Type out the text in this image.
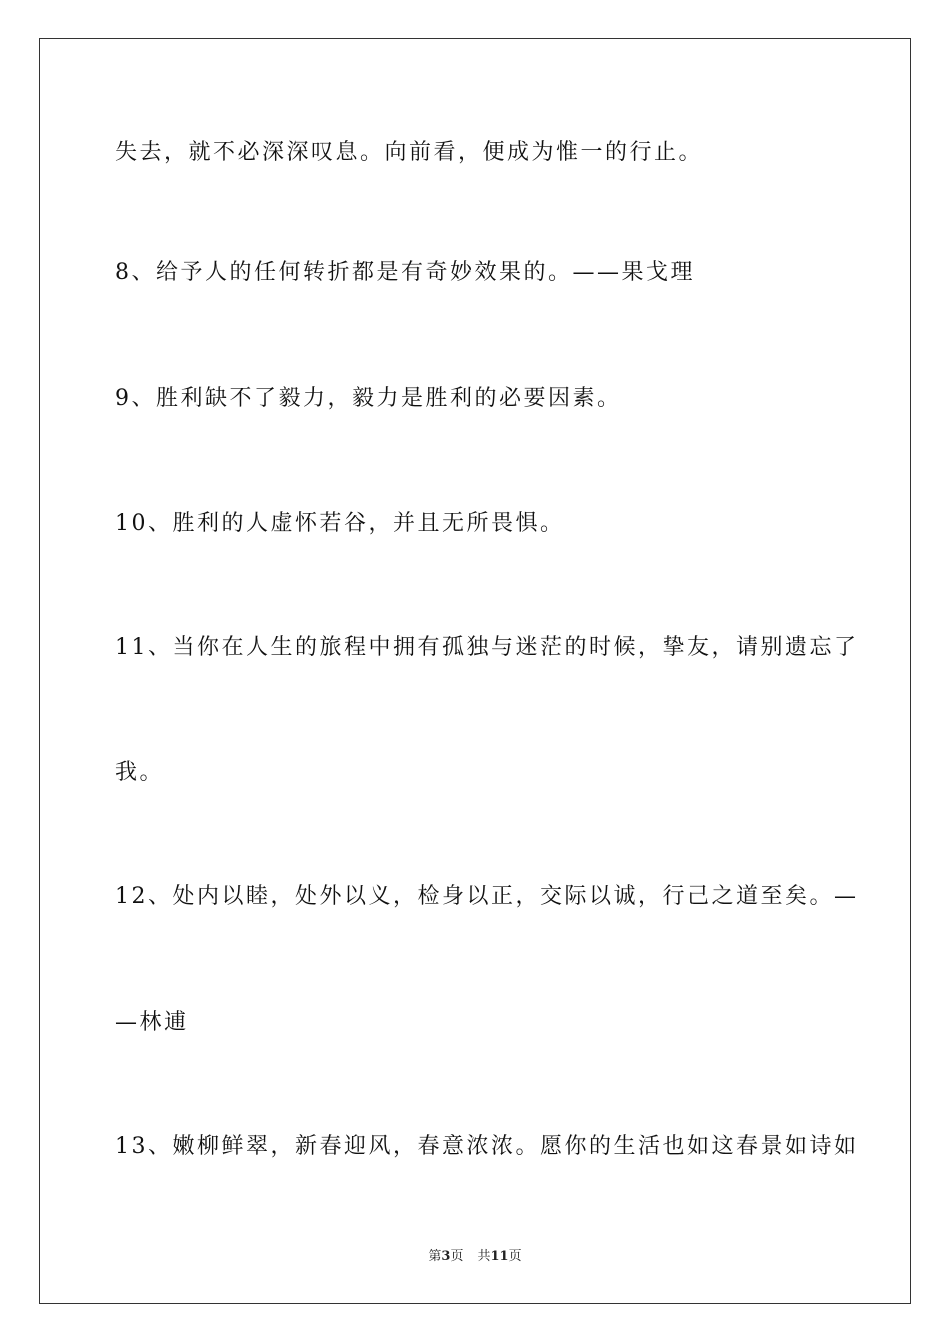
失去，就不必深深叹息。向前看，便成为惟一的行止。

8、给予人的任何转折都是有奇妙效果的。——果戈理

9、胜利缺不了毅力，毅力是胜利的必要因素。

10、胜利的人虚怀若谷，并且无所畏惧。

11、当你在人生的旅程中拥有孤独与迷茫的时候，挚友，请别遗忘了

我。

12、处内以睦，处外以义，检身以正，交际以诚，行己之道至矣。—

—林逋

13、嫩柳鲜翠，新春迎风，春意浓浓。愿你的生活也如这春景如诗如

第3页 共11页
